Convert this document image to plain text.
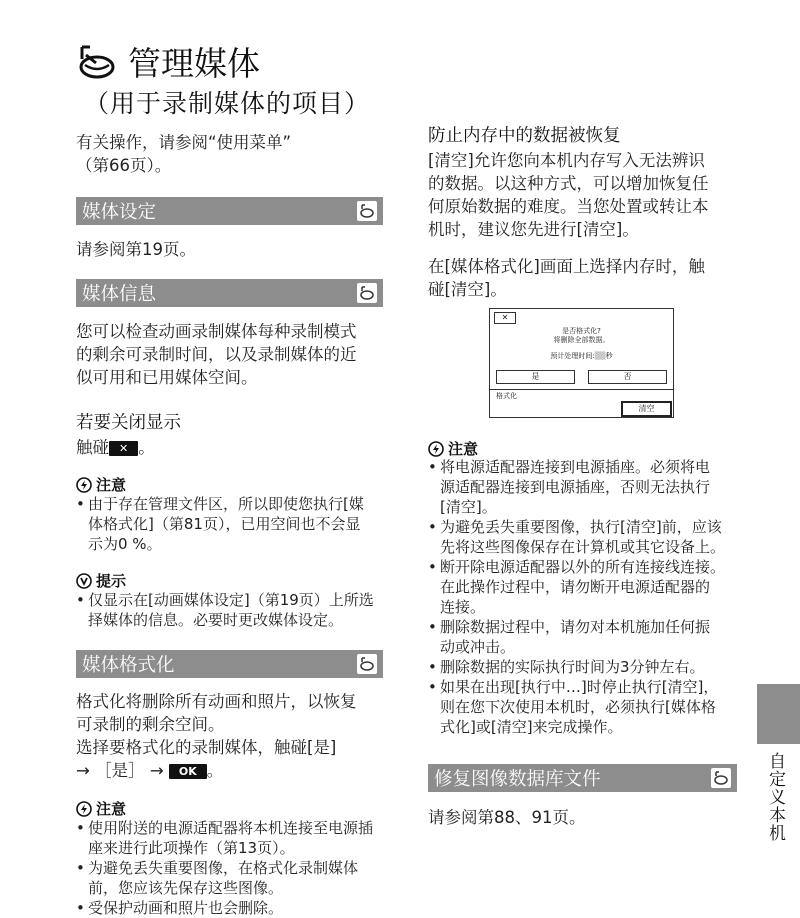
管理媒体
（用于录制媒体的项目）
有关操作，请参阅“使用菜单”
（第66页）。
媒体设定
请参阅第19页。
媒体信息
您可以检查动画录制媒体每种录制模式
的剩余可录制时间，以及录制媒体的近
似可用和已用媒体空间。
若要关闭显示
触碰 ✕ 。
注意
• 由于存在管理文件区，所以即使您执行[媒
体格式化]（第81页），已用空间也不会显
示为0 %。
提示
• 仅显示在[动画媒体设定]（第19页）上所选
择媒体的信息。必要时更改媒体设定。
媒体格式化
格式化将删除所有动画和照片，以恢复
可录制的剩余空间。
选择要格式化的录制媒体，触碰[是]
→ ［是］ → OK 。
注意
• 使用附送的电源适配器将本机连接至电源插
座来进行此项操作（第13页）。
• 为避免丢失重要图像，在格式化录制媒体
前，您应该先保存这些图像。
• 受保护动画和照片也会删除。
防止内存中的数据被恢复
[清空]允许您向本机内存写入无法辨识
的数据。以这种方式，可以增加恢复任
何原始数据的难度。当您处置或转让本
机时，建议您先进行[清空]。
在[媒体格式化]画面上选择内存时，触
碰[清空]。
✕
是否格式化?
将删除全部数据。
预计处理时间:▒▒秒
是	否
格式化
清空
注意
• 将电源适配器连接到电源插座。必须将电
源适配器连接到电源插座，否则无法执行
[清空]。
• 为避免丢失重要图像，执行[清空]前，应该
先将这些图像保存在计算机或其它设备上。
• 断开除电源适配器以外的所有连接线连接。
在此操作过程中，请勿断开电源适配器的
连接。
• 删除数据过程中，请勿对本机施加任何振
动或冲击。
• 删除数据的实际执行时间为3分钟左右。
• 如果在出现[执行中…]时停止执行[清空]，
则在您下次使用本机时，必须执行[媒体格
式化]或[清空]来完成操作。
修复图像数据库文件
请参阅第88、91页。	自定义本机
